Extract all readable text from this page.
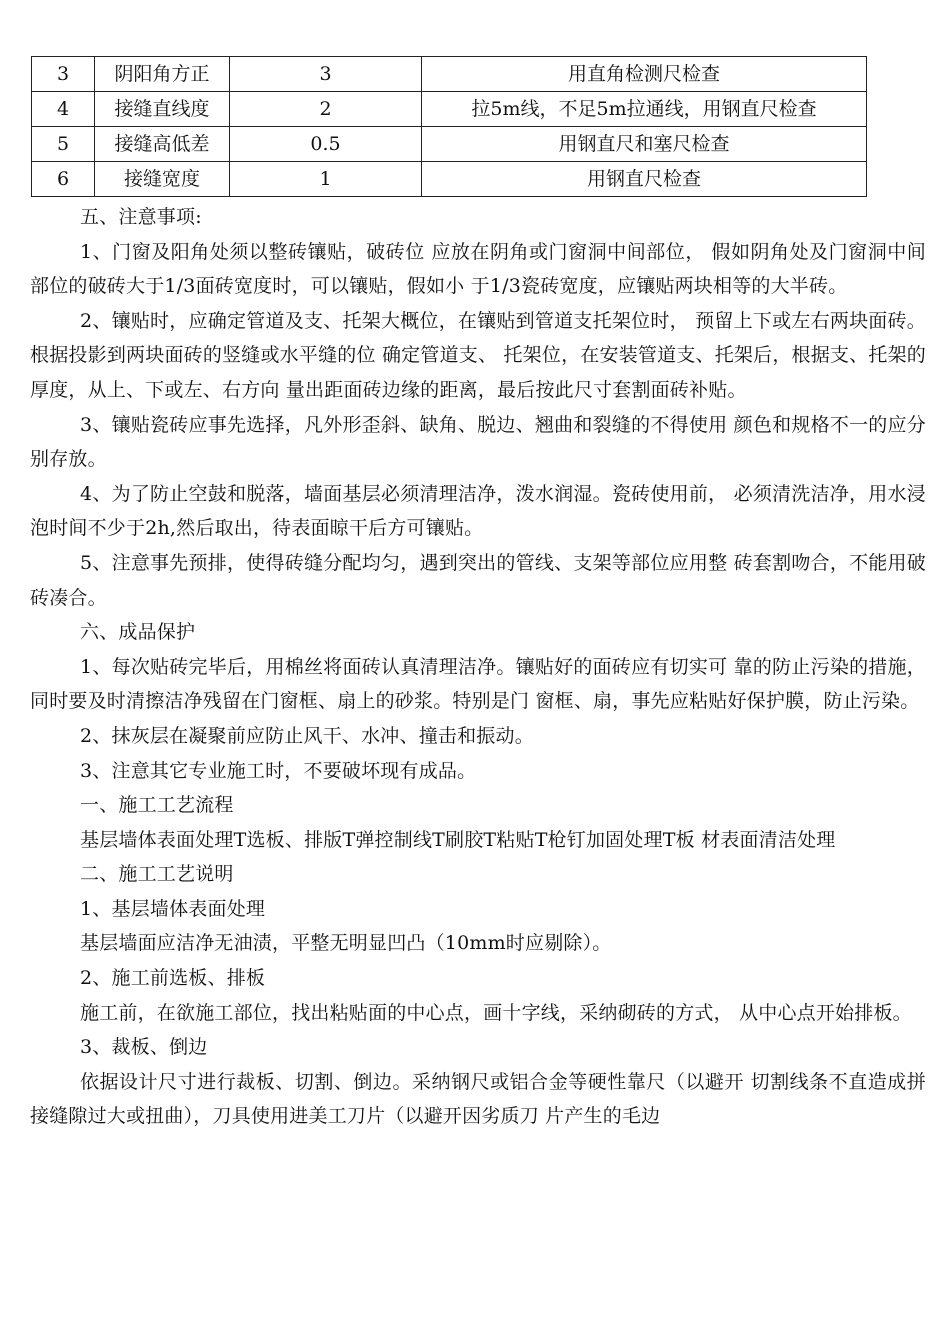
3	阴阳角方正	3	用直角检测尺检查
4	接缝直线度	2	拉5m线，不足5m拉通线，用钢直尺检查
5	接缝高低差	0.5	用钢直尺和塞尺检查
6	接缝宽度	1	用钢直尺检查

五、注意事项:

1、门窗及阳角处须以整砖镶贴，破砖位 应放在阴角或门窗洞中间部位， 假如阴角处及门窗洞中间部位的破砖大于1/3面砖宽度时，可以镶贴，假如小 于1/3瓷砖宽度，应镶贴两块相等的大半砖。

2、镶贴时，应确定管道及支、托架大概位，在镶贴到管道支托架位时， 预留上下或左右两块面砖。根据投影到两块面砖的竖缝或水平缝的位 确定管道支、 托架位，在安装管道支、托架后，根据支、托架的厚度，从上、下或左、右方向 量出距面砖边缘的距离，最后按此尺寸套割面砖补贴。

3、镶贴瓷砖应事先选择，凡外形歪斜、缺角、脱边、翘曲和裂缝的不得使用 颜色和规格不一的应分别存放。

4、为了防止空鼓和脱落，墙面基层必须清理洁净，泼水润湿。瓷砖使用前， 必须清洗洁净，用水浸泡时间不少于2h,然后取出，待表面晾干后方可镶贴。

5、注意事先预排，使得砖缝分配均匀，遇到突出的管线、支架等部位应用整 砖套割吻合，不能用破砖凑合。

六、成品保护

1、每次贴砖完毕后，用棉丝将面砖认真清理洁净。镶贴好的面砖应有切实可 靠的防止污染的措施，同时要及时清擦洁净残留在门窗框、扇上的砂浆。特别是门 窗框、扇，事先应粘贴好保护膜，防止污染。

2、抹灰层在凝聚前应防止风干、水冲、撞击和振动。

3、注意其它专业施工时，不要破坏现有成品。

一、施工工艺流程

基层墙体表面处理T选板、排版T弹控制线T刷胶T粘贴T枪钉加固处理T板 材表面清洁处理

二、施工工艺说明

1、基层墙体表面处理

基层墙面应洁净无油渍，平整无明显凹凸（10mm时应剔除）。

2、施工前选板、排板

施工前，在欲施工部位，找出粘贴面的中心点，画十字线，采纳砌砖的方式， 从中心点开始排板。

3、裁板、倒边

依据设计尺寸进行裁板、切割、倒边。采纳钢尺或铝合金等硬性靠尺（以避开 切割线条不直造成拼接缝隙过大或扭曲），刀具使用进美工刀片（以避开因劣质刀 片产生的毛边
